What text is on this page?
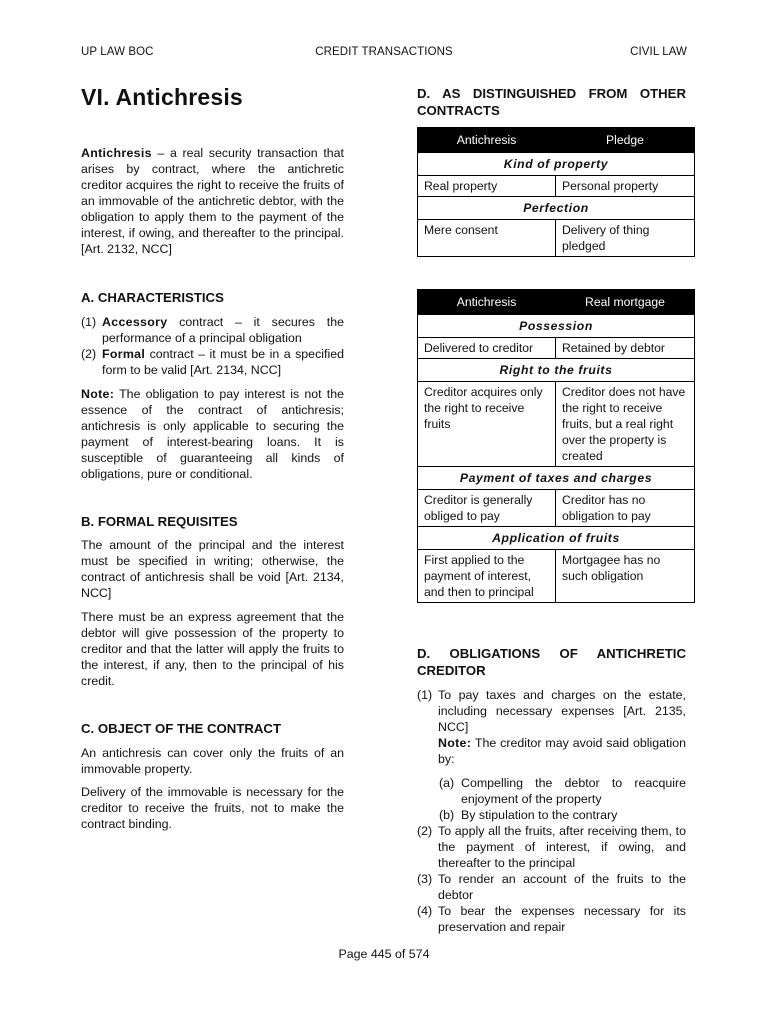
UP LAW BOC	CREDIT TRANSACTIONS	CIVIL LAW
VI. Antichresis

Antichresis – a real security transaction that arises by contract, where the antichretic creditor acquires the right to receive the fruits of an immovable of the antichretic debtor, with the obligation to apply them to the payment of the interest, if owing, and thereafter to the principal. [Art. 2132, NCC]

A. CHARACTERISTICS
(1) Accessory contract – it secures the performance of a principal obligation
(2) Formal contract – it must be in a specified form to be valid [Art. 2134, NCC]

Note: The obligation to pay interest is not the essence of the contract of antichresis; antichresis is only applicable to securing the payment of interest-bearing loans. It is susceptible of guaranteeing all kinds of obligations, pure or conditional.

B. FORMAL REQUISITES

The amount of the principal and the interest must be specified in writing; otherwise, the contract of antichresis shall be void [Art. 2134, NCC]

There must be an express agreement that the debtor will give possession of the property to creditor and that the latter will apply the fruits to the interest, if any, then to the principal of his credit.

C. OBJECT OF THE CONTRACT

An antichresis can cover only the fruits of an immovable property.

Delivery of the immovable is necessary for the creditor to receive the fruits, not to make the contract binding.

D. AS DISTINGUISHED FROM OTHER CONTRACTS
Antichresis	Pledge
Kind of property	
Real property	Personal property
Perfection	
Mere consent	Delivery of thing pledged
Antichresis	Real mortgage
Possession	
Delivered to creditor	Retained by debtor
Right to the fruits	
Creditor acquires only the right to receive fruits	Creditor does not have the right to receive fruits, but a real right over the property is created
Payment of taxes and charges	
Creditor is generally obliged to pay	Creditor has no obligation to pay
Application of fruits	
First applied to the payment of interest, and then to principal	Mortgagee has no such obligation
D. OBLIGATIONS OF ANTICHRETIC CREDITOR
(1) To pay taxes and charges on the estate, including necessary expenses [Art. 2135, NCC]
Note: The creditor may avoid said obligation by:
(a) Compelling the debtor to reacquire enjoyment of the property
(b) By stipulation to the contrary
(2) To apply all the fruits, after receiving them, to the payment of interest, if owing, and thereafter to the principal
(3) To render an account of the fruits to the debtor
(4) To bear the expenses necessary for its preservation and repair
Page 445 of 574
